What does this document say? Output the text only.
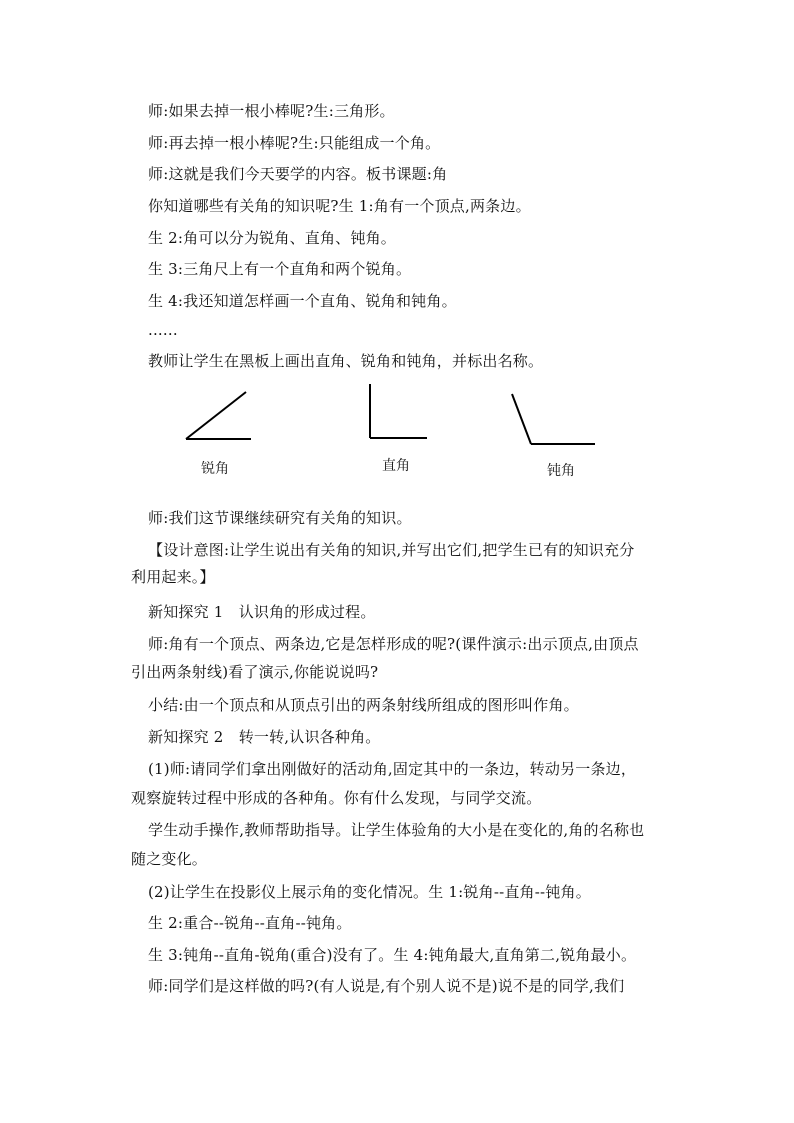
师:如果去掉一根小棒呢?生:三角形。
师:再去掉一根小棒呢?生:只能组成一个角。
师:这就是我们今天要学的内容。板书课题:角
你知道哪些有关角的知识呢?生 1:角有一个顶点,两条边。
生 2:角可以分为锐角、直角、钝角。
生 3:三角尺上有一个直角和两个锐角。
生 4:我还知道怎样画一个直角、锐角和钝角。
......
教师让学生在黑板上画出直角、锐角和钝角，并标出名称。
锐角	直角	钝角
师:我们这节课继续研究有关角的知识。
【设计意图:让学生说出有关角的知识,并写出它们,把学生已有的知识充分
利用起来。】
新知探究 1　认识角的形成过程。
师:角有一个顶点、两条边,它是怎样形成的呢?(课件演示:出示顶点,由顶点
引出两条射线)看了演示,你能说说吗?
小结:由一个顶点和从顶点引出的两条射线所组成的图形叫作角。
新知探究 2　转一转,认识各种角。
(1)师:请同学们拿出刚做好的活动角,固定其中的一条边，转动另一条边，
观察旋转过程中形成的各种角。你有什么发现，与同学交流。
学生动手操作,教师帮助指导。让学生体验角的大小是在变化的,角的名称也
随之变化。
(2)让学生在投影仪上展示角的变化情况。生 1:锐角--直角--钝角。
生 2:重合--锐角--直角--钝角。
生 3:钝角--直角-锐角(重合)没有了。生 4:钝角最大,直角第二,锐角最小。
师:同学们是这样做的吗?(有人说是,有个别人说不是)说不是的同学,我们
